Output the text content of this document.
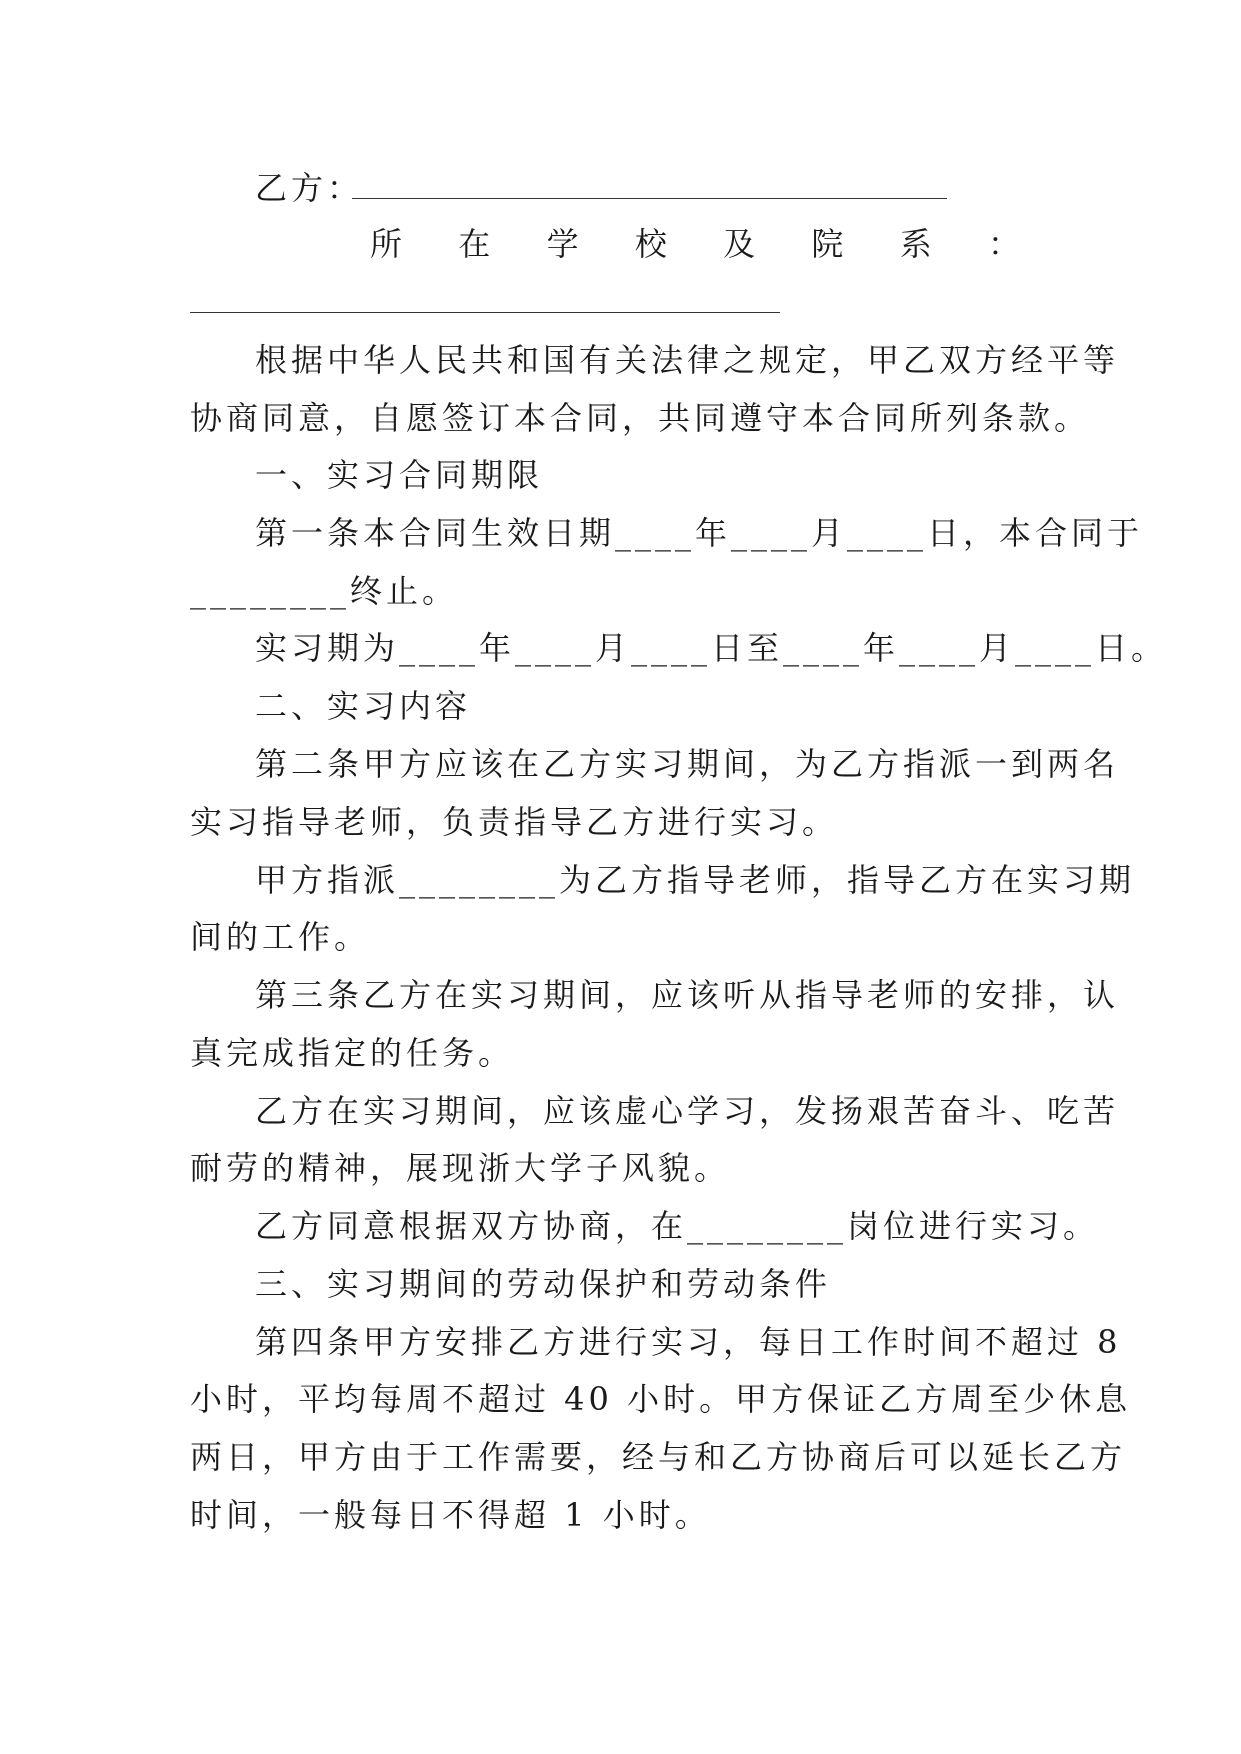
乙方：
所 在 学 校 及 院 系 ：
根据中华人民共和国有关法律之规定，甲乙双方经平等
协商同意，自愿签订本合同，共同遵守本合同所列条款。
一、实习合同期限
第一条本合同生效日期____年____月____日，本合同于
________终止。
实习期为____年____月____日至____年____月____日。
二、实习内容
第二条甲方应该在乙方实习期间，为乙方指派一到两名
实习指导老师，负责指导乙方进行实习。
甲方指派________为乙方指导老师，指导乙方在实习期
间的工作。
第三条乙方在实习期间，应该听从指导老师的安排，认
真完成指定的任务。
乙方在实习期间，应该虚心学习，发扬艰苦奋斗、吃苦
耐劳的精神，展现浙大学子风貌。
乙方同意根据双方协商，在________岗位进行实习。
三、实习期间的劳动保护和劳动条件
第四条甲方安排乙方进行实习，每日工作时间不超过 8
小时，平均每周不超过 40 小时。甲方保证乙方周至少休息
两日，甲方由于工作需要，经与和乙方协商后可以延长乙方
时间，一般每日不得超 1 小时。
